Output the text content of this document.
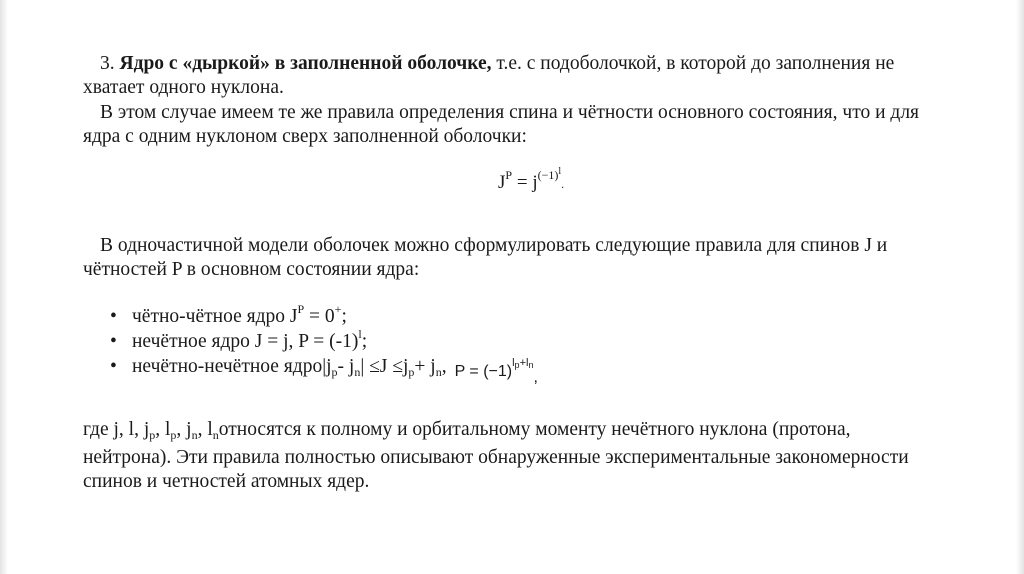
3. Ядро с «дыркой» в заполненной оболочке, т.е. с подоболочкой, в которой до заполнения не
хватает одного нуклона.
В этом случае имеем те же правила определения спина и чётности основного состояния, что и для
ядра с одним нуклоном сверх заполненной оболочки:
$J^P = j^{(-1)l}$.
В одночастичной модели оболочек можно сформулировать следующие правила для спинов J и
чётностей P в основном состоянии ядра:
• чётно-чётное ядро $J^P = 0^+$;
• нечётное ядро J = j, $P = (-1)^l$;
• нечётно-нечётное $ядро|j_p-$ $j_n| \le J \le j_p+ j_n$, $_{P = (-1)^{l_p+l_n},}$
где j, l, $j_p$, $l_p$, $j_n$, $l_nотносятся$ к полному и орбитальному моменту нечётного нуклона (протона,
нейтрона). Эти правила полностью описывают обнаруженные экспериментальные закономерности
спинов и четностей атомных ядер.
